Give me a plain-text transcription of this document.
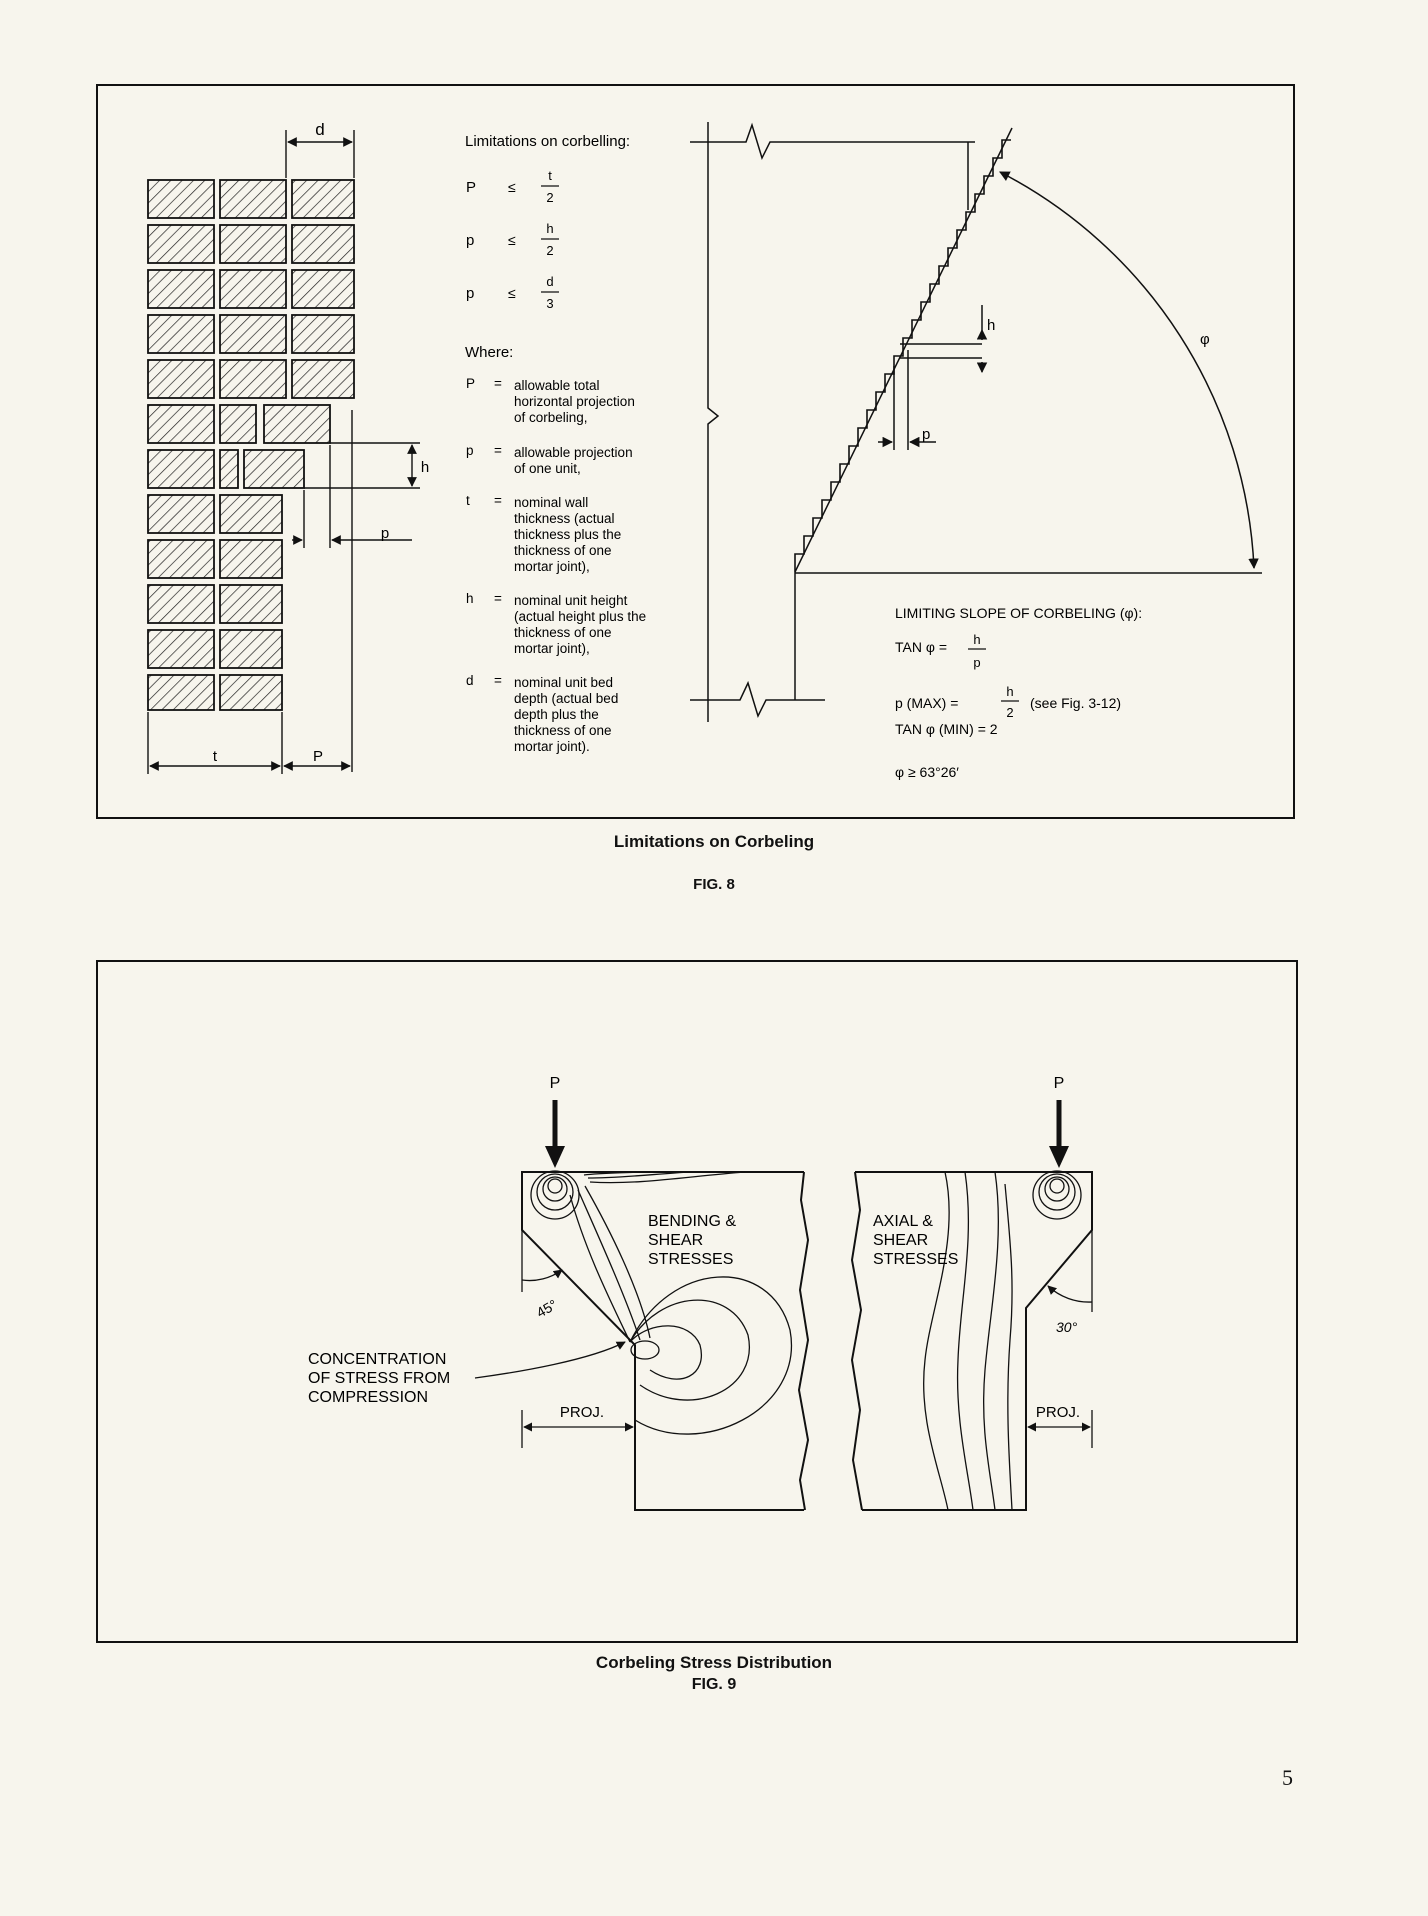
d
h
p
t	P
Limitations on corbelling:
P ≤
t
2
p ≤
h
2
p ≤
d
3
Where:
P = allowable total
horizontal projection
of corbeling,
p = allowable projection
of one unit,
t = nominal wall
thickness (actual
thickness plus the
thickness of one
mortar joint),
h = nominal unit height
(actual height plus the
thickness of one
mortar joint),
d = nominal unit bed
depth (actual bed
depth plus the
thickness of one
mortar joint).
h
p
φ
LIMITING SLOPE OF CORBELING (φ):
TAN φ = h
p
p (MAX) =
h
2
(see Fig. 3-12)
TAN φ (MIN) = 2
φ ≥ 63°26′
Limitations on Corbeling
FIG. 8
P
BENDING &
SHEAR
STRESSES
45°
CONCENTRATION
OF STRESS FROM
COMPRESSION
PROJ.
P
AXIAL &
SHEAR
STRESSES
30°
PROJ.
Corbeling Stress Distribution
FIG. 9
5
